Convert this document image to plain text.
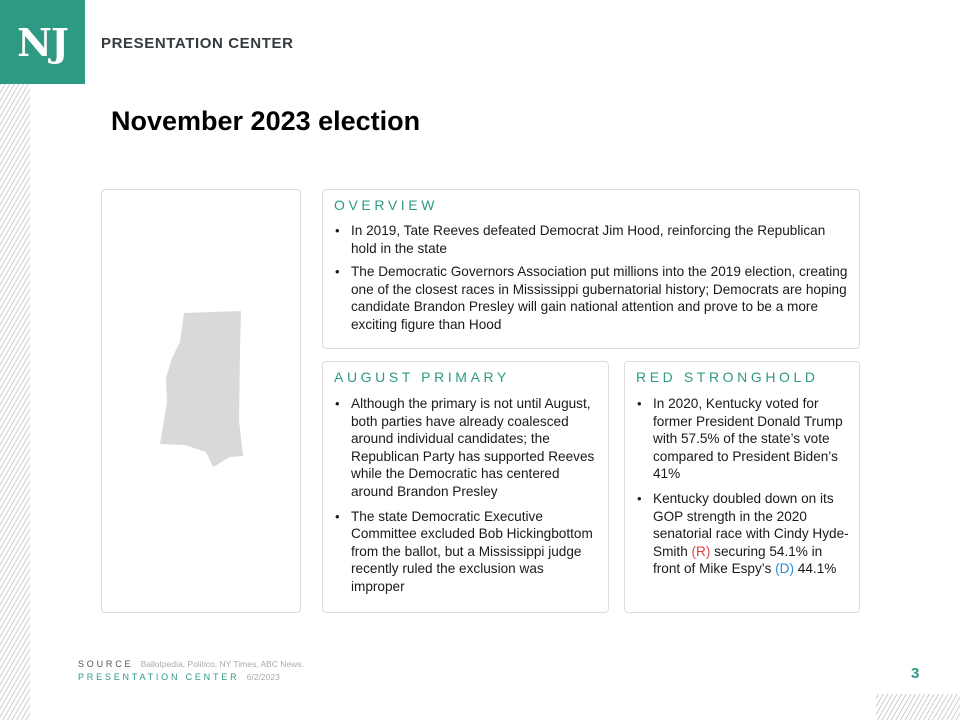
NJ PRESENTATION CENTER
November 2023 election
OVERVIEW
• In 2019, Tate Reeves defeated Democrat Jim Hood, reinforcing the Republican hold in the state
• The Democratic Governors Association put millions into the 2019 election, creating one of the closest races in Mississippi gubernatorial history; Democrats are hoping candidate Brandon Presley will gain national attention and prove to be a more exciting figure than Hood
AUGUST PRIMARY
• Although the primary is not until August, both parties have already coalesced around individual candidates; the Republican Party has supported Reeves while the Democratic has centered around Brandon Presley
• The state Democratic Executive Committee excluded Bob Hickingbottom from the ballot, but a Mississippi judge recently ruled the exclusion was improper
RED STRONGHOLD
• In 2020, Kentucky voted for former President Donald Trump with 57.5% of the state’s vote compared to President Biden’s 41%
• Kentucky doubled down on its GOP strength in the 2020 senatorial race with Cindy Hyde-Smith (R) securing 54.1% in front of Mike Espy’s (D) 44.1%
SOURCE Ballotpedia, Politico, NY Times, ABC News.
PRESENTATION CENTER 6/2/2023	3
